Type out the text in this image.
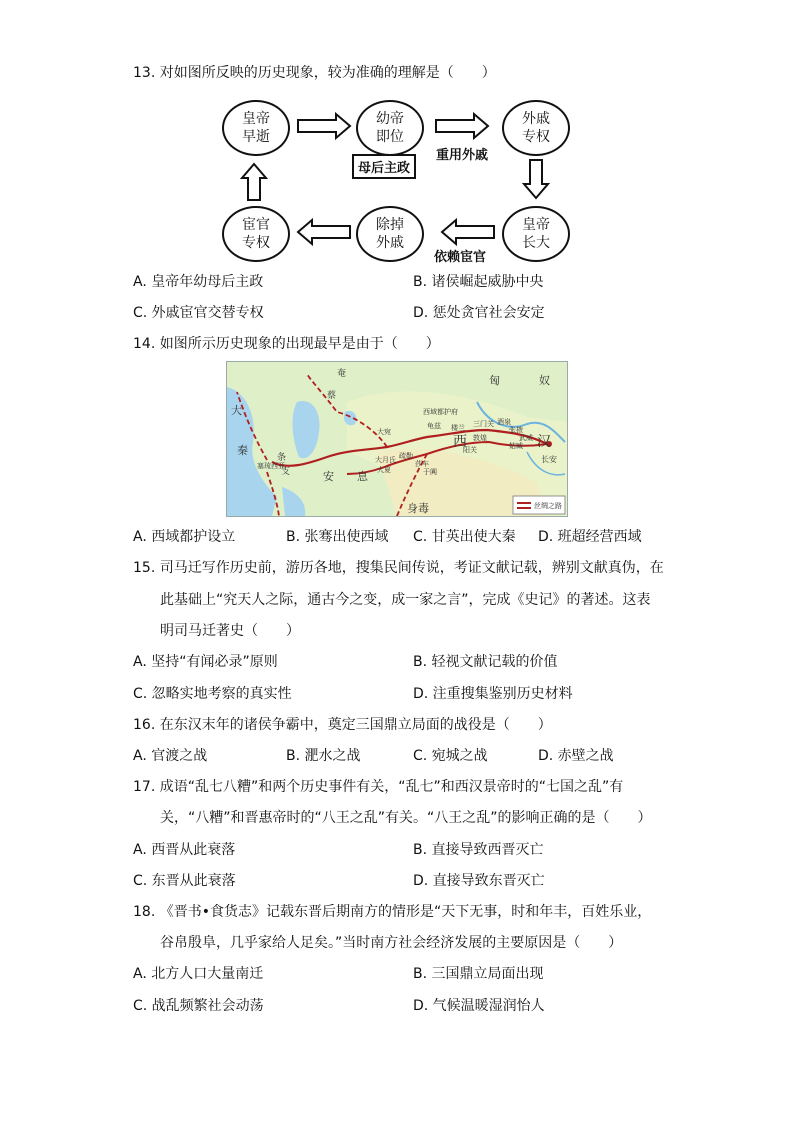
13. 对如图所反映的历史现象，较为准确的理解是（　　）
皇帝
早逝
幼帝
即位
外戚
专权
皇帝
长大
除掉
外戚
宦官
专权
母后主政
重用外戚
依赖宦官
A. 皇帝年幼母后主政	B. 诸侯崛起威胁中央
C. 外戚宦官交替专权	D. 惩处贪官社会安定
14. 如图所示历史现象的出现最早是由于（　　）
奄
蔡
匈	奴
大
秦
条
支	安 息
西	汉
长安
身毒
大宛
大月氏 疏勒
莎车
于阗
龟兹
西域都护府
楼兰 三门关
敦煌
阳关
酒泉
张掖
武威
姑臧
塞琉西亚	大夏
丝绸之路
A. 西域都护设立	B. 张骞出使西域 C. 甘英出使大秦 D. 班超经营西域
15. 司马迁写作历史前，游历各地，搜集民间传说，考证文献记载，辨别文献真伪，在
此基础上“究天人之际，通古今之变，成一家之言”，完成《史记》的著述。这表
明司马迁著史（　　）
A. 坚持“有闻必录”原则	B. 轻视文献记载的价值
C. 忽略实地考察的真实性	D. 注重搜集鉴别历史材料
16. 在东汉末年的诸侯争霸中，奠定三国鼎立局面的战役是（　　）
A. 官渡之战	B. 淝水之战	C. 宛城之战	D. 赤壁之战
17. 成语“乱七八糟”和两个历史事件有关，“乱七”和西汉景帝时的“七国之乱”有
关，“八糟”和晋惠帝时的“八王之乱”有关。“八王之乱”的影响正确的是（　　）
A. 西晋从此衰落	B. 直接导致西晋灭亡
C. 东晋从此衰落	D. 直接导致东晋灭亡
18. 《晋书•食货志》记载东晋后期南方的情形是“天下无事，时和年丰，百姓乐业，
谷帛殷阜，几乎家给人足矣。”当时南方社会经济发展的主要原因是（　　）
A. 北方人口大量南迁	B. 三国鼎立局面出现
C. 战乱频繁社会动荡	D. 气候温暖湿润怡人
